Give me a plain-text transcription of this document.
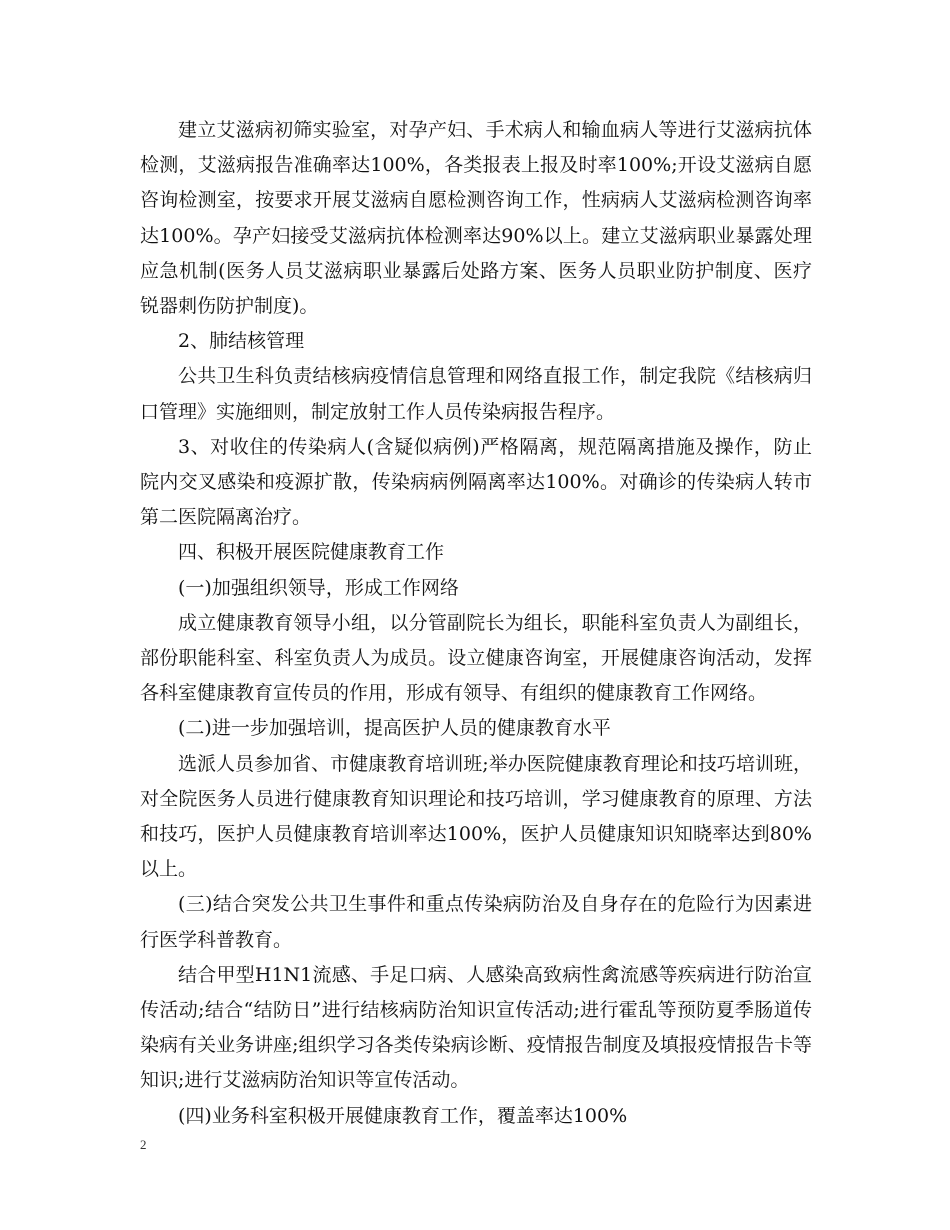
建立艾滋病初筛实验室，对孕产妇、手术病人和输血病人等进行艾滋病抗体检测，艾滋病报告准确率达100%，各类报表上报及时率100%;开设艾滋病自愿咨询检测室，按要求开展艾滋病自愿检测咨询工作，性病病人艾滋病检测咨询率达100%。孕产妇接受艾滋病抗体检测率达90%以上。建立艾滋病职业暴露处理应急机制(医务人员艾滋病职业暴露后处路方案、医务人员职业防护制度、医疗锐器刺伤防护制度)。

2、肺结核管理

公共卫生科负责结核病疫情信息管理和网络直报工作，制定我院《结核病归口管理》实施细则，制定放射工作人员传染病报告程序。

3、对收住的传染病人(含疑似病例)严格隔离，规范隔离措施及操作，防止院内交叉感染和疫源扩散，传染病病例隔离率达100%。对确诊的传染病人转市第二医院隔离治疗。

四、积极开展医院健康教育工作

(一)加强组织领导，形成工作网络

成立健康教育领导小组，以分管副院长为组长，职能科室负责人为副组长，部份职能科室、科室负责人为成员。设立健康咨询室，开展健康咨询活动，发挥各科室健康教育宣传员的作用，形成有领导、有组织的健康教育工作网络。

(二)进一步加强培训，提高医护人员的健康教育水平

选派人员参加省、市健康教育培训班;举办医院健康教育理论和技巧培训班，对全院医务人员进行健康教育知识理论和技巧培训，学习健康教育的原理、方法和技巧，医护人员健康教育培训率达100%，医护人员健康知识知晓率达到80%以上。

(三)结合突发公共卫生事件和重点传染病防治及自身存在的危险行为因素进行医学科普教育。

结合甲型H1N1流感、手足口病、人感染高致病性禽流感等疾病进行防治宣传活动;结合“结防日”进行结核病防治知识宣传活动;进行霍乱等预防夏季肠道传染病有关业务讲座;组织学习各类传染病诊断、疫情报告制度及填报疫情报告卡等知识;进行艾滋病防治知识等宣传活动。

(四)业务科室积极开展健康教育工作，覆盖率达100%

2
